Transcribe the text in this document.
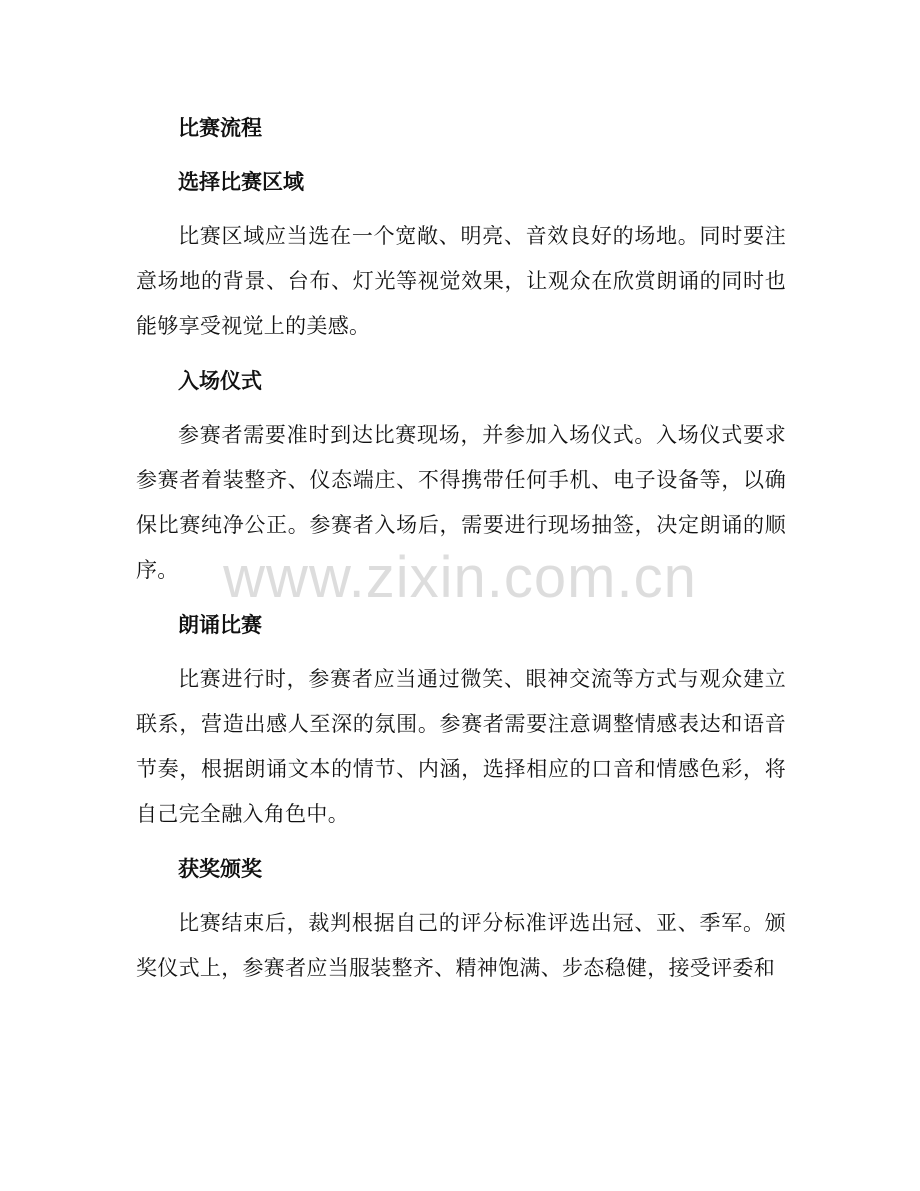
比赛流程
选择比赛区域
比赛区域应当选在一个宽敞、明亮、音效良好的场地。同时要注意场地的背景、台布、灯光等视觉效果，让观众在欣赏朗诵的同时也能够享受视觉上的美感。
入场仪式
参赛者需要准时到达比赛现场，并参加入场仪式。入场仪式要求参赛者着装整齐、仪态端庄、不得携带任何手机、电子设备等，以确保比赛纯净公正。参赛者入场后，需要进行现场抽签，决定朗诵的顺序。
朗诵比赛
比赛进行时，参赛者应当通过微笑、眼神交流等方式与观众建立联系，营造出感人至深的氛围。参赛者需要注意调整情感表达和语音节奏，根据朗诵文本的情节、内涵，选择相应的口音和情感色彩，将自己完全融入角色中。
获奖颁奖
比赛结束后，裁判根据自己的评分标准评选出冠、亚、季军。颁奖仪式上，参赛者应当服装整齐、精神饱满、步态稳健，接受评委和
www.zixin.com.cn
